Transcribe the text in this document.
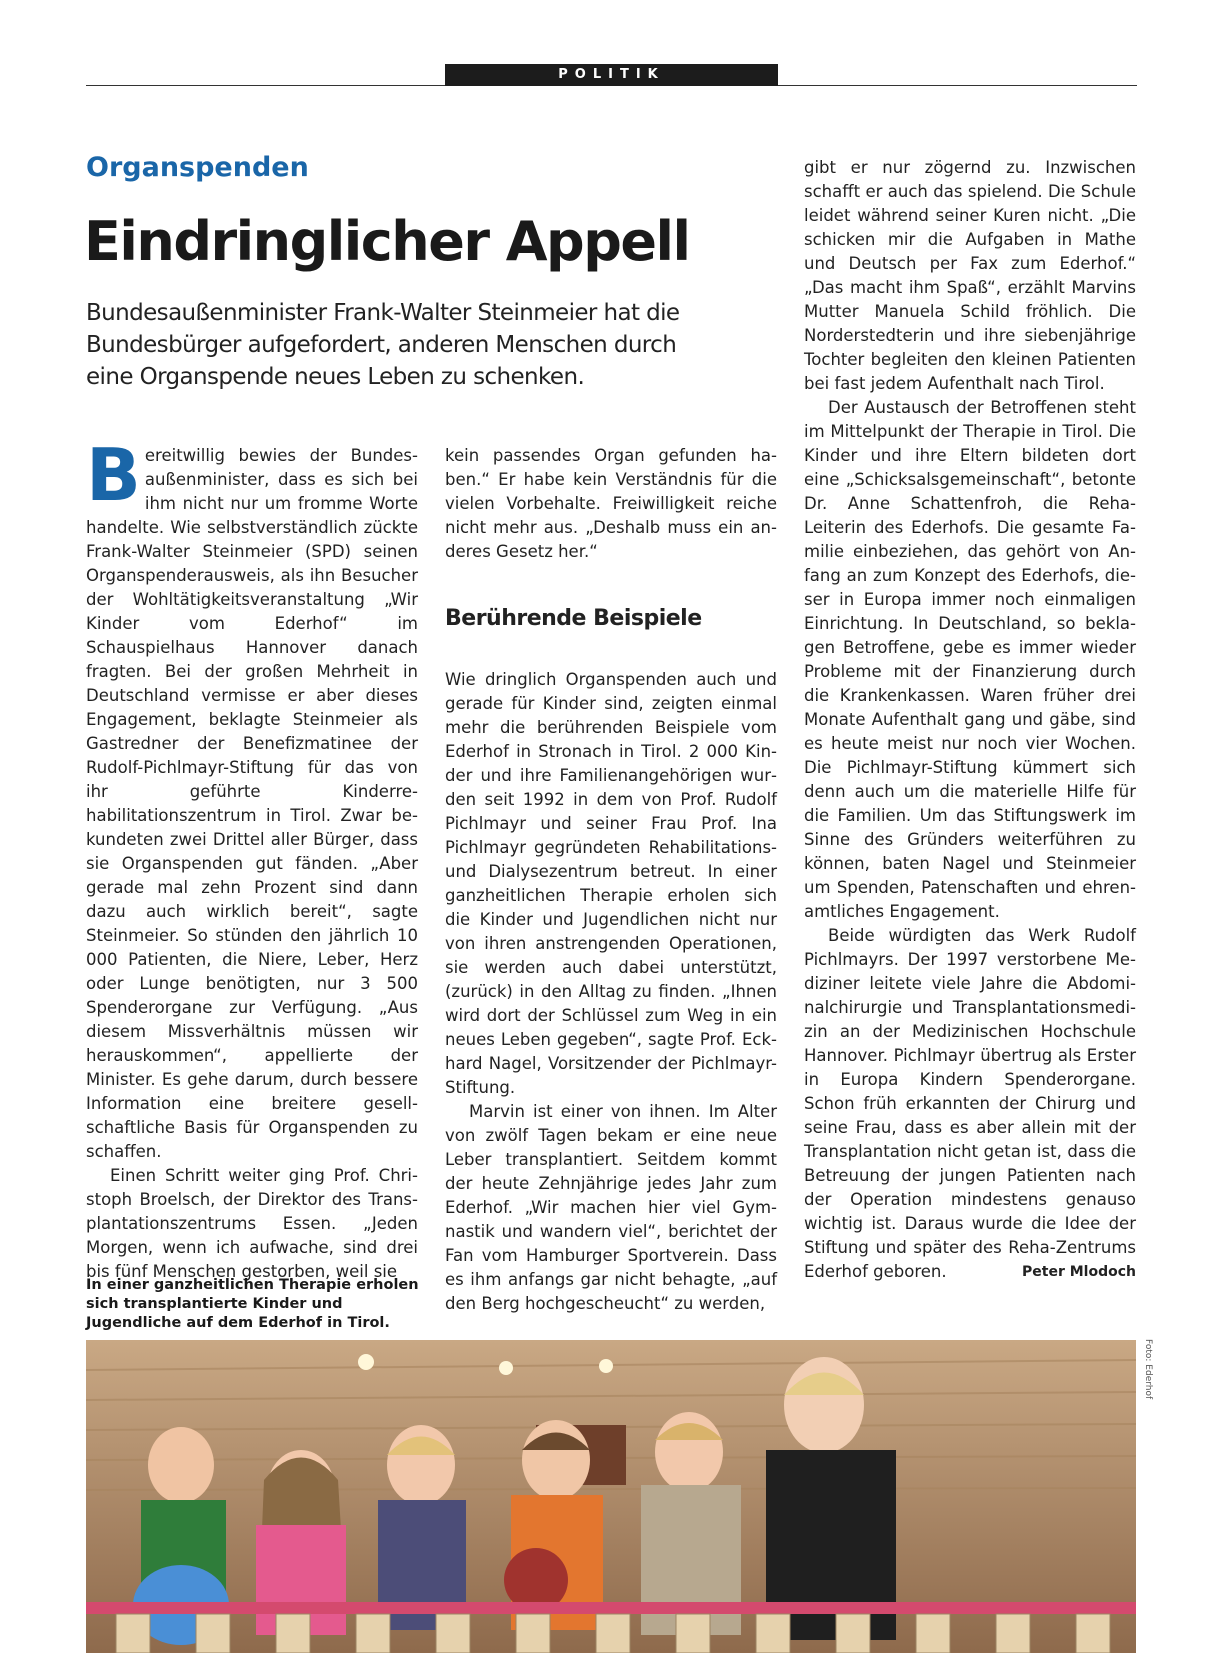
POLITIK
Organspenden
Eindringlicher Appell
Bundesaußenminister Frank-Walter Steinmeier hat die Bundesbürger aufgefordert, anderen Menschen durch eine Organspende neues Leben zu schenken.

Bereitwillig bewies der Bundesaußenminister, dass es sich bei ihm nicht nur um fromme Worte handelte. Wie selbstverständlich zückte Frank-Walter Steinmeier (SPD) seinen Organspenderausweis, als ihn Besucher der Wohltätigkeitsveranstaltung „Wir Kinder vom Ederhof“ im Schauspielhaus Hannover danach fragten. Bei der großen Mehrheit in Deutschland vermisse er aber dieses Engagement, beklagte Steinmeier als Gastredner der Benefizmatinee der Rudolf-Pichlmayr-Stiftung für das von ihr geführte Kinderrehabilitationszentrum in Tirol. Zwar bekundeten zwei Drittel aller Bürger, dass sie Organspenden gut fänden. „Aber gerade mal zehn Prozent sind dann dazu auch wirklich bereit“, sagte Steinmeier. So stünden den jährlich 10 000 Patienten, die Niere, Leber, Herz oder Lunge benötigten, nur 3 500 Spenderorgane zur Verfügung. „Aus diesem Missverhältnis müssen wir herauskommen“, appellierte der Minister. Es gehe darum, durch bessere Information eine breitere gesellschaftliche Basis für Organspenden zu schaffen.

Einen Schritt weiter ging Prof. Christoph Broelsch, der Direktor des Transplantationszentrums Essen. „Jeden Morgen, wenn ich aufwache, sind drei bis fünf Menschen gestorben, weil sie

kein passendes Organ gefunden haben.“ Er habe kein Verständnis für die vielen Vorbehalte. Freiwilligkeit reiche nicht mehr aus. „Deshalb muss ein anderes Gesetz her.“

Berührende Beispiele

Wie dringlich Organspenden auch und gerade für Kinder sind, zeigten einmal mehr die berührenden Beispiele vom Ederhof in Stronach in Tirol. 2 000 Kinder und ihre Familienangehörigen wurden seit 1992 in dem von Prof. Rudolf Pichlmayr und seiner Frau Prof. Ina Pichlmayr gegründeten Rehabilitations- und Dialysezentrum betreut. In einer ganzheitlichen Therapie erholen sich die Kinder und Jugendlichen nicht nur von ihren anstrengenden Operationen, sie werden auch dabei unterstützt, (zurück) in den Alltag zu finden. „Ihnen wird dort der Schlüssel zum Weg in ein neues Leben gegeben“, sagte Prof. Eckhard Nagel, Vorsitzender der Pichlmayr-Stiftung.

Marvin ist einer von ihnen. Im Alter von zwölf Tagen bekam er eine neue Leber transplantiert. Seitdem kommt der heute Zehnjährige jedes Jahr zum Ederhof. „Wir machen hier viel Gymnastik und wandern viel“, berichtet der Fan vom Hamburger Sportverein. Dass es ihm anfangs gar nicht behagte, „auf den Berg hochgescheucht“ zu werden,

gibt er nur zögernd zu. Inzwischen schafft er auch das spielend. Die Schule leidet während seiner Kuren nicht. „Die schicken mir die Aufgaben in Mathe und Deutsch per Fax zum Ederhof.“ „Das macht ihm Spaß“, erzählt Marvins Mutter Manuela Schild fröhlich. Die Norderstedterin und ihre siebenjährige Tochter begleiten den kleinen Patienten bei fast jedem Aufenthalt nach Tirol.

Der Austausch der Betroffenen steht im Mittelpunkt der Therapie in Tirol. Die Kinder und ihre Eltern bildeten dort eine „Schicksalsgemeinschaft“, betonte Dr. Anne Schattenfroh, die Reha-Leiterin des Ederhofs. Die gesamte Familie einbeziehen, das gehört von Anfang an zum Konzept des Ederhofs, dieser in Europa immer noch einmaligen Einrichtung. In Deutschland, so beklagen Betroffene, gebe es immer wieder Probleme mit der Finanzierung durch die Krankenkassen. Waren früher drei Monate Aufenthalt gang und gäbe, sind es heute meist nur noch vier Wochen. Die Pichlmayr-Stiftung kümmert sich denn auch um die materielle Hilfe für die Familien. Um das Stiftungswerk im Sinne des Gründers weiterführen zu können, baten Nagel und Steinmeier um Spenden, Patenschaften und ehrenamtliches Engagement.

Beide würdigten das Werk Rudolf Pichlmayrs. Der 1997 verstorbene Mediziner leitete viele Jahre die Abdominalchirurgie und Transplantationsmedizin an der Medizinischen Hochschule Hannover. Pichlmayr übertrug als Erster in Europa Kindern Spenderorgane. Schon früh erkannten der Chirurg und seine Frau, dass es aber allein mit der Transplantation nicht getan ist, dass die Betreuung der jungen Patienten nach der Operation mindestens genauso wichtig ist. Daraus wurde die Idee der Stiftung und später des Reha-Zentrums Ederhof geboren.	Peter Mlodoch

In einer ganzheitlichen Therapie erholen sich transplantierte Kinder und Jugendliche auf dem Ederhof in Tirol.
Foto: Ederhof
